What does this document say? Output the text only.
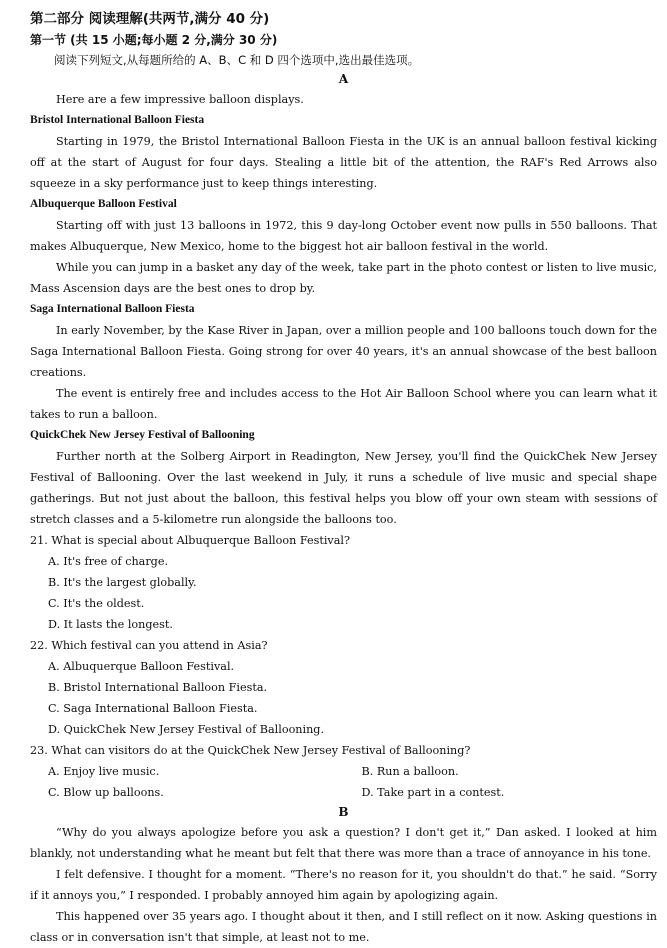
第二部分 阅读理解(共两节,满分 40 分)

第一节 (共 15 小题;每小题 2 分,满分 30 分)

阅读下列短文,从每题所给的 A、B、C 和 D 四个选项中,选出最佳选项。

A

Here are a few impressive balloon displays.

Bristol International Balloon Fiesta

Starting in 1979, the Bristol International Balloon Fiesta in the UK is an annual balloon festival kicking off at the start of August for four days. Stealing a little bit of the attention, the RAF's Red Arrows also squeeze in a sky performance just to keep things interesting.

Albuquerque Balloon Festival

Starting off with just 13 balloons in 1972, this 9 day-long October event now pulls in 550 balloons. That makes Albuquerque, New Mexico, home to the biggest hot air balloon festival in the world.

While you can jump in a basket any day of the week, take part in the photo contest or listen to live music, Mass Ascension days are the best ones to drop by.

Saga International Balloon Fiesta

In early November, by the Kase River in Japan, over a million people and 100 balloons touch down for the Saga International Balloon Fiesta. Going strong for over 40 years, it's an annual showcase of the best balloon creations.

The event is entirely free and includes access to the Hot Air Balloon School where you can learn what it takes to run a balloon.

QuickChek New Jersey Festival of Ballooning

Further north at the Solberg Airport in Readington, New Jersey, you'll find the QuickChek New Jersey Festival of Ballooning. Over the last weekend in July, it runs a schedule of live music and special shape gatherings. But not just about the balloon, this festival helps you blow off your own steam with sessions of stretch classes and a 5-kilometre run alongside the balloons too.

21. What is special about Albuquerque Balloon Festival?

A. It's free of charge.

B. It's the largest globally.

C. It's the oldest.

D. It lasts the longest.

22. Which festival can you attend in Asia?

A. Albuquerque Balloon Festival.

B. Bristol International Balloon Fiesta.

C. Saga International Balloon Fiesta.

D. QuickChek New Jersey Festival of Ballooning.

23. What can visitors do at the QuickChek New Jersey Festival of Ballooning?

A. Enjoy live music.	B. Run a balloon.

C. Blow up balloons.	D. Take part in a contest.

B

“Why do you always apologize before you ask a question? I don't get it,” Dan asked. I looked at him blankly, not understanding what he meant but felt that there was more than a trace of annoyance in his tone.

I felt defensive. I thought for a moment. “There's no reason for it, you shouldn't do that.” he said. “Sorry if it annoys you,” I responded. I probably annoyed him again by apologizing again.

This happened over 35 years ago. I thought about it then, and I still reflect on it now. Asking questions in class or in conversation isn't that simple, at least not to me.
